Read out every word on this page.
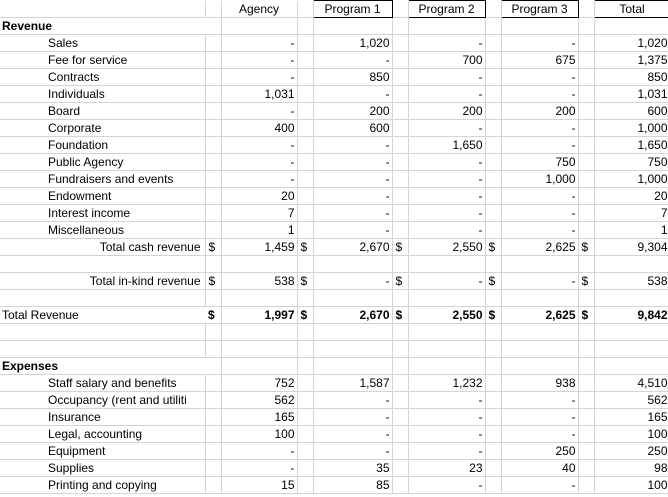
				Agency		Program 1		Program 2		Program 3		Total
Revenue												
		Sales		-		1,020		-		-		1,020
		Fee for service		-		-		700		675		1,375
		Contracts		-		850		-		-		850
		Individuals		1,031		-		-		-		1,031
		Board		-		200		200		200		600
		Corporate		400		600		-		-		1,000
		Foundation		-		-		1,650		-		1,650
		Public Agency		-		-		-		750		750
		Fundraisers and events		-		-		-		1,000		1,000
		Endowment		20		-		-		-		20
		Interest income		7		-		-		-		7
		Miscellaneous		1		-		-		-		1
		Total cash revenue	$	1,459	$	2,670	$	2,550	$	2,625	$	9,304

		Total in-kind revenue	$	538	$	-	$	-	$	-	$	538

Total Revenue			$	1,997	$	2,670	$	2,550	$	2,625	$	9,842

Expenses												
		Staff salary and benefits		752		1,587		1,232		938		4,510
		Occupancy (rent and utiliti		562		-		-		-		562
		Insurance		165		-		-		-		165
		Legal, accounting		100		-		-		-		100
		Equipment		-		-		-		250		250
		Supplies		-		35		23		40		98
		Printing and copying		15		85		-		-		100
